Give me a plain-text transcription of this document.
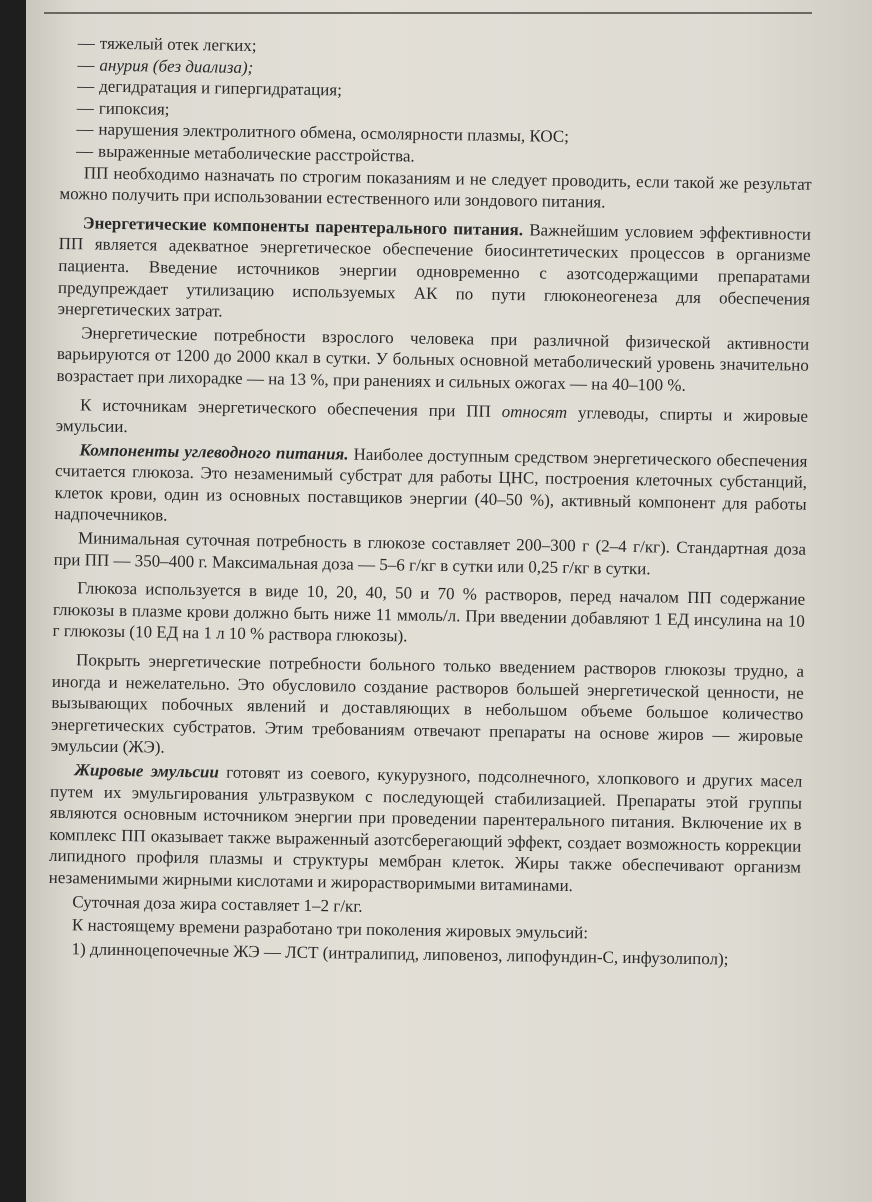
— тяжелый отек легких;
— анурия (без диализа);
— дегидратация и гипергидратация;
— гипоксия;
— нарушения электролитного обмена, осмолярности плазмы, КОС;
— выраженные метаболические расстройства.

ПП необходимо назначать по строгим показаниям и не следует проводить, если такой же результат можно получить при использовании естественного или зондового питания.

Энергетические компоненты парентерального питания. Важнейшим условием эффективности ПП является адекватное энергетическое обеспечение биосинтетических процессов в организме пациента. Введение источников энергии одновременно с азотсодержащими препаратами предупреждает утилизацию используемых АК по пути глюконеогенеза для обеспечения энергетических затрат.

Энергетические потребности взрослого человека при различной физической активности варьируются от 1200 до 2000 ккал в сутки. У больных основной метаболический уровень значительно возрастает при лихорадке — на 13 %, при ранениях и сильных ожогах — на 40–100 %.

К источникам энергетического обеспечения при ПП относят углеводы, спирты и жировые эмульсии.

Компоненты углеводного питания. Наиболее доступным средством энергетического обеспечения считается глюкоза. Это незаменимый субстрат для работы ЦНС, построения клеточных субстанций, клеток крови, один из основных поставщиков энергии (40–50 %), активный компонент для работы надпочечников.

Минимальная суточная потребность в глюкозе составляет 200–300 г (2–4 г/кг). Стандартная доза при ПП — 350–400 г. Максимальная доза — 5–6 г/кг в сутки или 0,25 г/кг в сутки.

Глюкоза используется в виде 10, 20, 40, 50 и 70 % растворов, перед началом ПП содержание глюкозы в плазме крови должно быть ниже 11 ммоль/л. При введении добавляют 1 ЕД инсулина на 10 г глюкозы (10 ЕД на 1 л 10 % раствора глюкозы).

Покрыть энергетические потребности больного только введением растворов глюкозы трудно, а иногда и нежелательно. Это обусловило создание растворов большей энергетической ценности, не вызывающих побочных явлений и доставляющих в небольшом объеме большое количество энергетических субстратов. Этим требованиям отвечают препараты на основе жиров — жировые эмульсии (ЖЭ).

Жировые эмульсии готовят из соевого, кукурузного, подсолнечного, хлопкового и других масел путем их эмульгирования ультразвуком с последующей стабилизацией. Препараты этой группы являются основным источником энергии при проведении парентерального питания. Включение их в комплекс ПП оказывает также выраженный азотсберегающий эффект, создает возможность коррекции липидного профиля плазмы и структуры мембран клеток. Жиры также обеспечивают организм незаменимыми жирными кислотами и жирорастворимыми витаминами.

Суточная доза жира составляет 1–2 г/кг.

К настоящему времени разработано три поколения жировых эмульсий:

1) длинноцепочечные ЖЭ — ЛСТ (интралипид, липовеноз, липофундин-С, инфузолипол);
